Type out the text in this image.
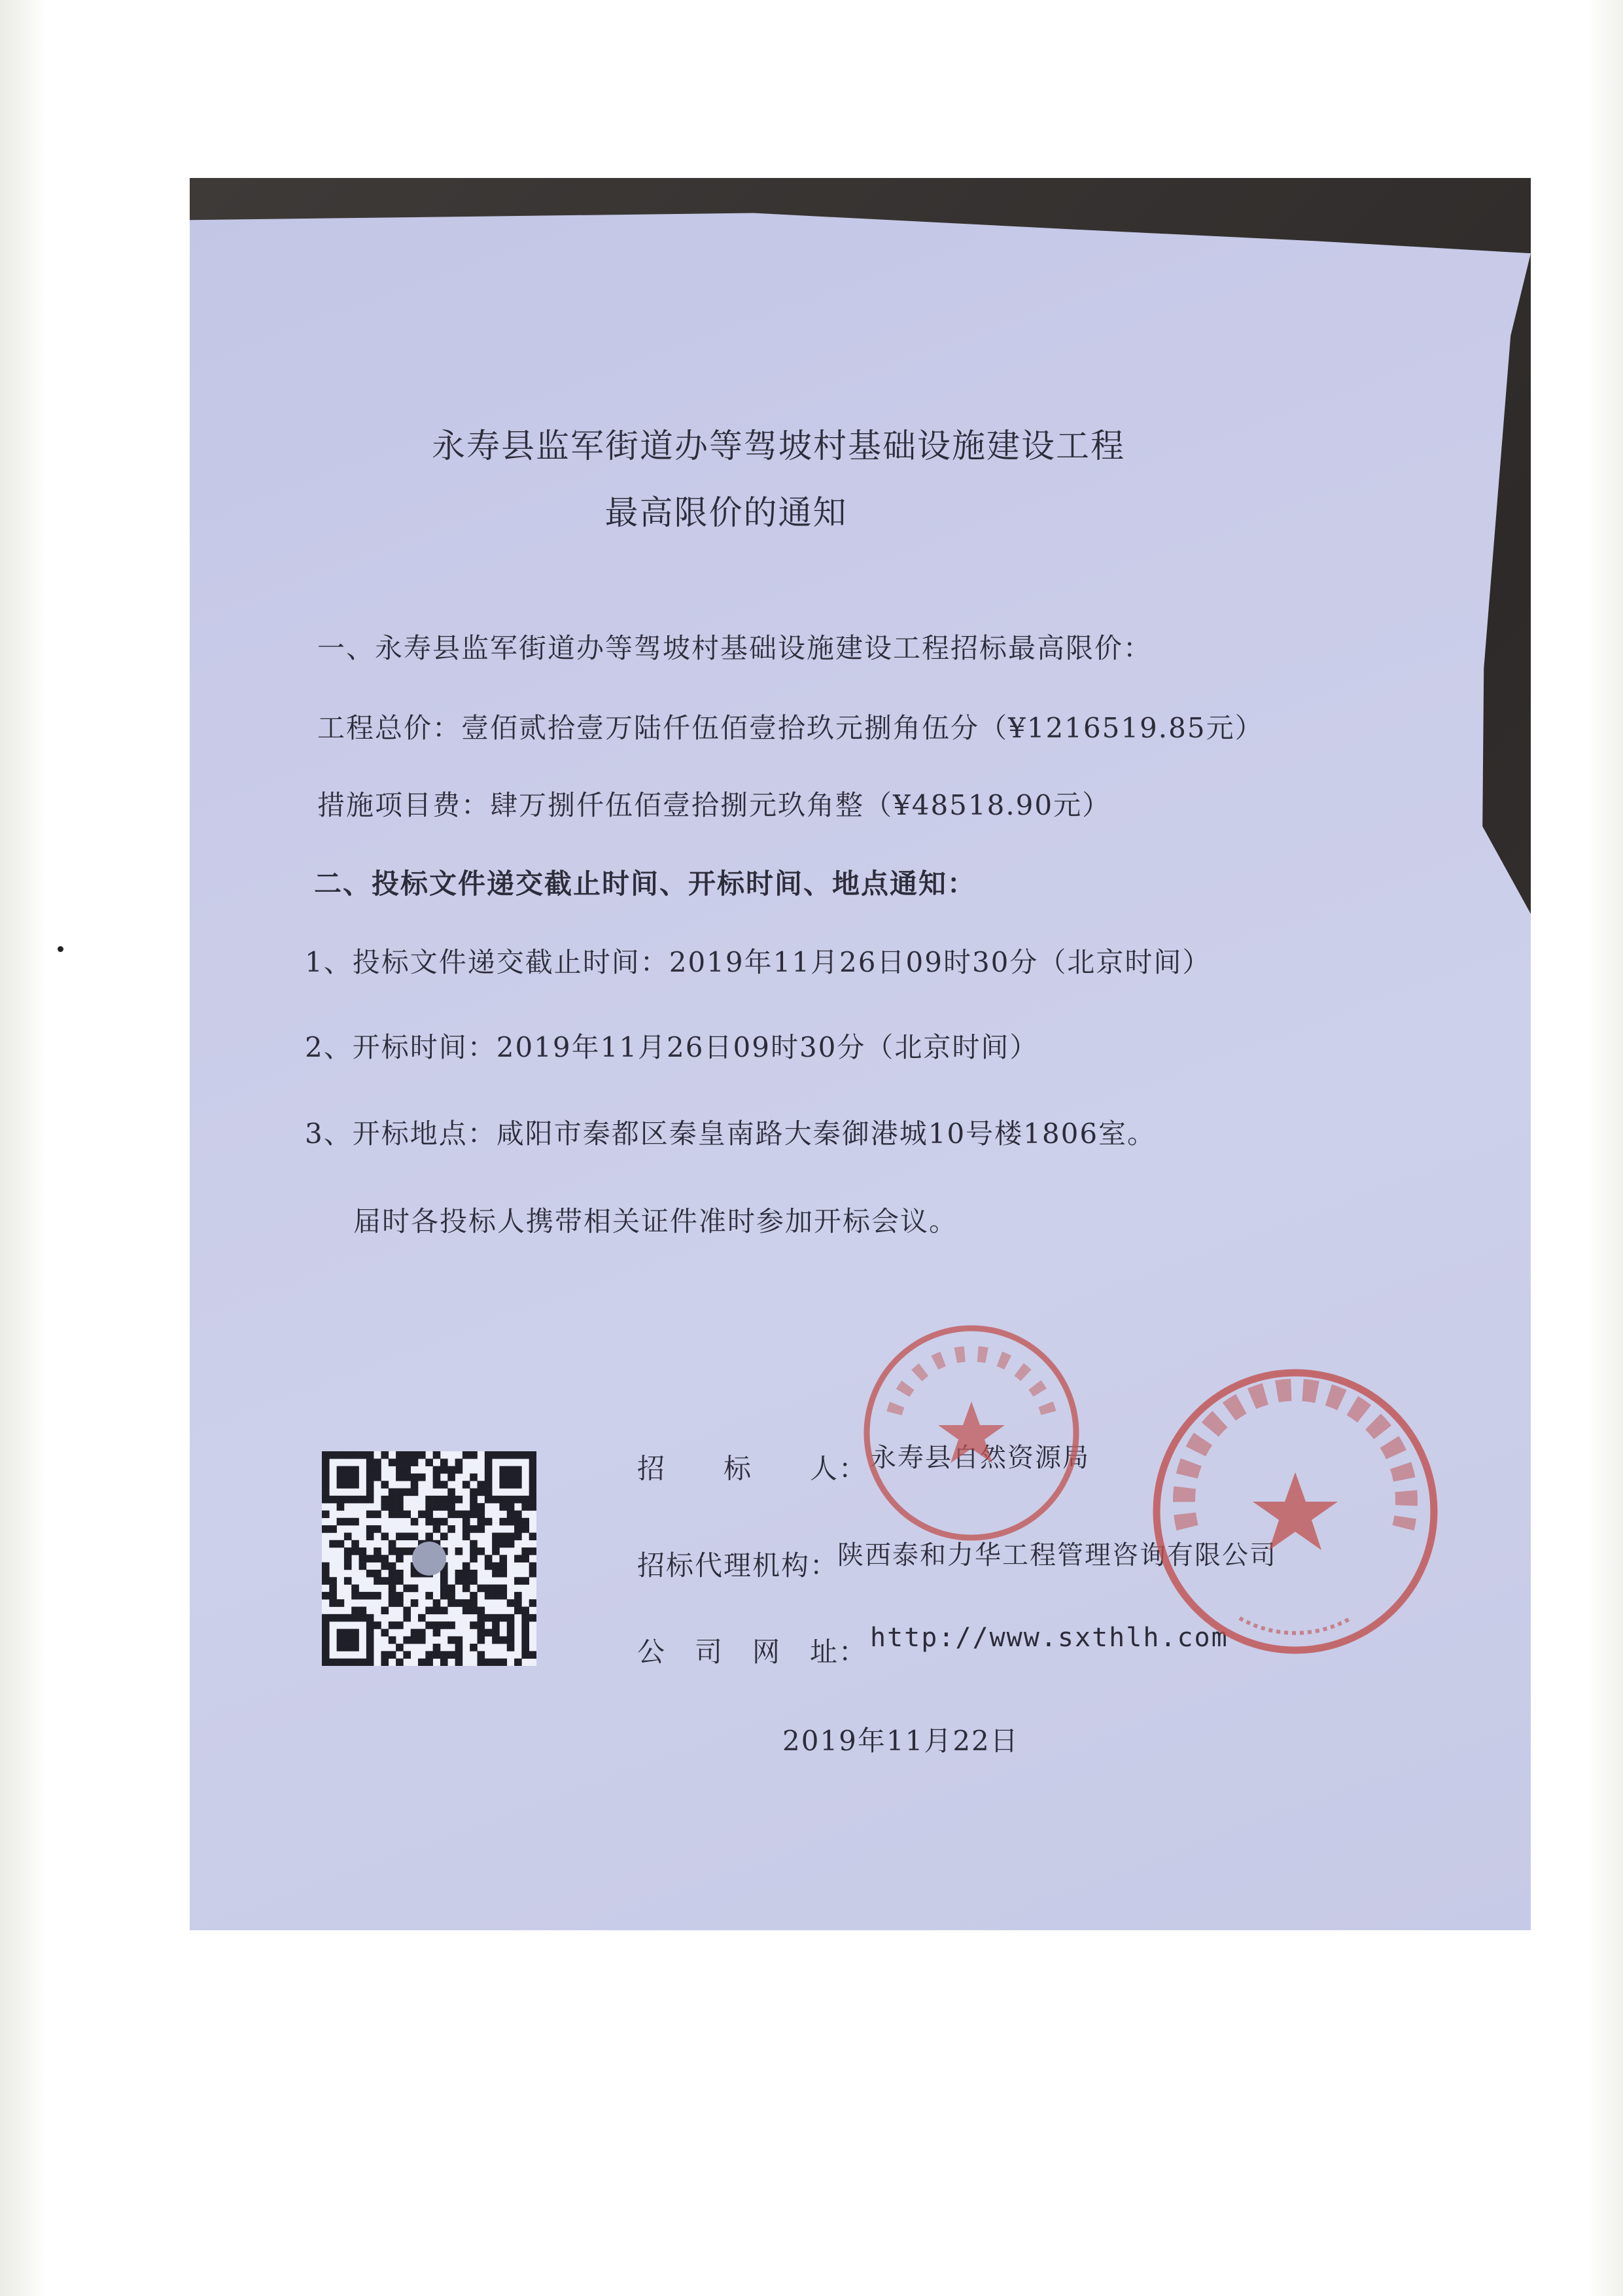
永寿县监军街道办等驾坡村基础设施建设工程
最高限价的通知
一、永寿县监军街道办等驾坡村基础设施建设工程招标最高限价：
工程总价：壹佰贰拾壹万陆仟伍佰壹拾玖元捌角伍分（¥1216519.85元）
措施项目费：肆万捌仟伍佰壹拾捌元玖角整（¥48518.90元）
二、投标文件递交截止时间、开标时间、地点通知：
1、投标文件递交截止时间：2019年11月26日09时30分（北京时间）
2、开标时间：2019年11月26日09时30分（北京时间）
3、开标地点：咸阳市秦都区秦皇南路大秦御港城10号楼1806室。
届时各投标人携带相关证件准时参加开标会议。
招　　标　　人： 永寿县自然资源局
招标代理机构：
陕西泰和力华工程管理咨询有限公司
公　司　网　址： http://www.sxthlh.com
2019年11月22日
